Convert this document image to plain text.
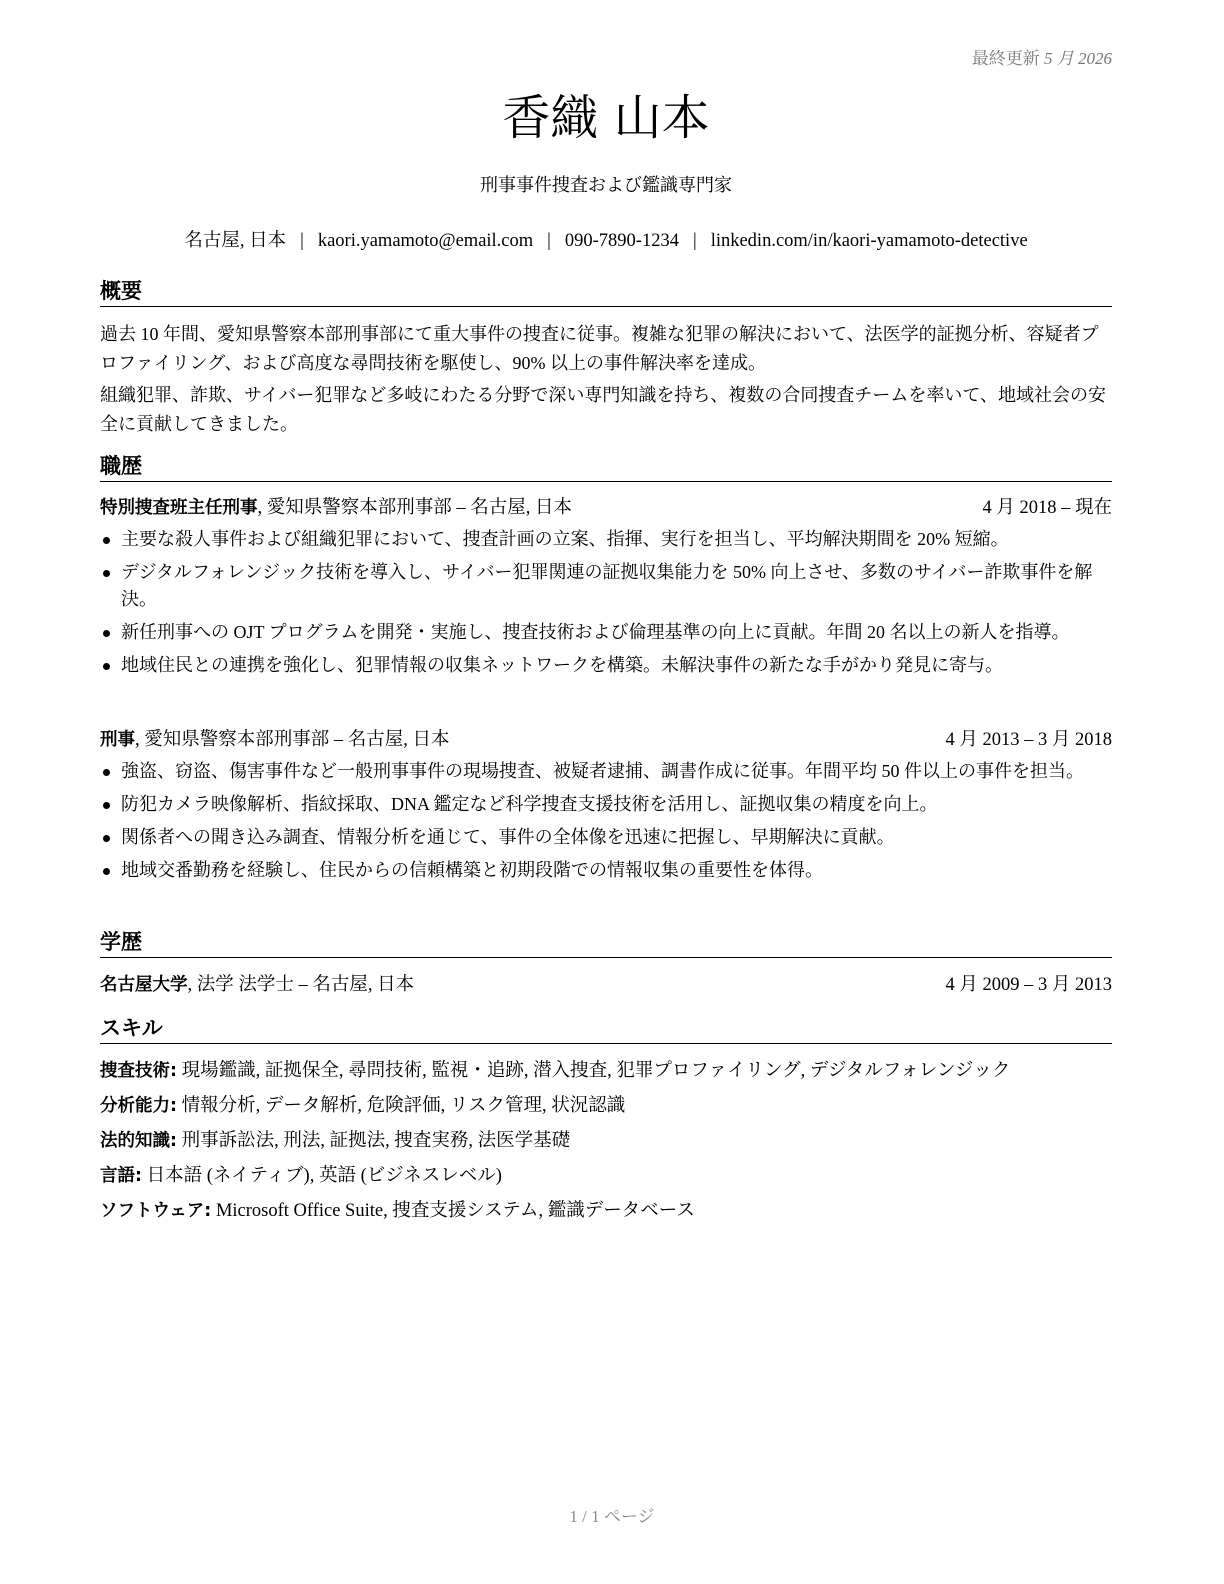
最終更新 5 月 2026
香織 山本
刑事事件捜査および鑑識専門家
名古屋, 日本 | kaori.yamamoto@email.com | 090-7890-1234 | linkedin.com/in/kaori-yamamoto-detective
概要
過去 10 年間、愛知県警察本部刑事部にて重大事件の捜査に従事。複雑な犯罪の解決において、法医学的証拠分析、容疑者プロファイリング、および高度な尋問技術を駆使し、90% 以上の事件解決率を達成。
組織犯罪、詐欺、サイバー犯罪など多岐にわたる分野で深い専門知識を持ち、複数の合同捜査チームを率いて、地域社会の安全に貢献してきました。
職歴
特別捜査班主任刑事, 愛知県警察本部刑事部 – 名古屋, 日本	4 月 2018 – 現在
主要な殺人事件および組織犯罪において、捜査計画の立案、指揮、実行を担当し、平均解決期間を 20% 短縮。
デジタルフォレンジック技術を導入し、サイバー犯罪関連の証拠収集能力を 50% 向上させ、多数のサイバー詐欺事件を解決。
新任刑事への OJT プログラムを開発・実施し、捜査技術および倫理基準の向上に貢献。年間 20 名以上の新人を指導。
地域住民との連携を強化し、犯罪情報の収集ネットワークを構築。未解決事件の新たな手がかり発見に寄与。
刑事, 愛知県警察本部刑事部 – 名古屋, 日本	4 月 2013 – 3 月 2018
強盗、窃盗、傷害事件など一般刑事事件の現場捜査、被疑者逮捕、調書作成に従事。年間平均 50 件以上の事件を担当。
防犯カメラ映像解析、指紋採取、DNA 鑑定など科学捜査支援技術を活用し、証拠収集の精度を向上。
関係者への聞き込み調査、情報分析を通じて、事件の全体像を迅速に把握し、早期解決に貢献。
地域交番勤務を経験し、住民からの信頼構築と初期段階での情報収集の重要性を体得。
学歴
名古屋大学, 法学 法学士 – 名古屋, 日本	4 月 2009 – 3 月 2013
スキル
捜査技術: 現場鑑識, 証拠保全, 尋問技術, 監視・追跡, 潜入捜査, 犯罪プロファイリング, デジタルフォレンジック
分析能力: 情報分析, データ解析, 危険評価, リスク管理, 状況認識
法的知識: 刑事訴訟法, 刑法, 証拠法, 捜査実務, 法医学基礎
言語: 日本語 (ネイティブ), 英語 (ビジネスレベル)
ソフトウェア: Microsoft Office Suite, 捜査支援システム, 鑑識データベース
1 / 1 ページ
